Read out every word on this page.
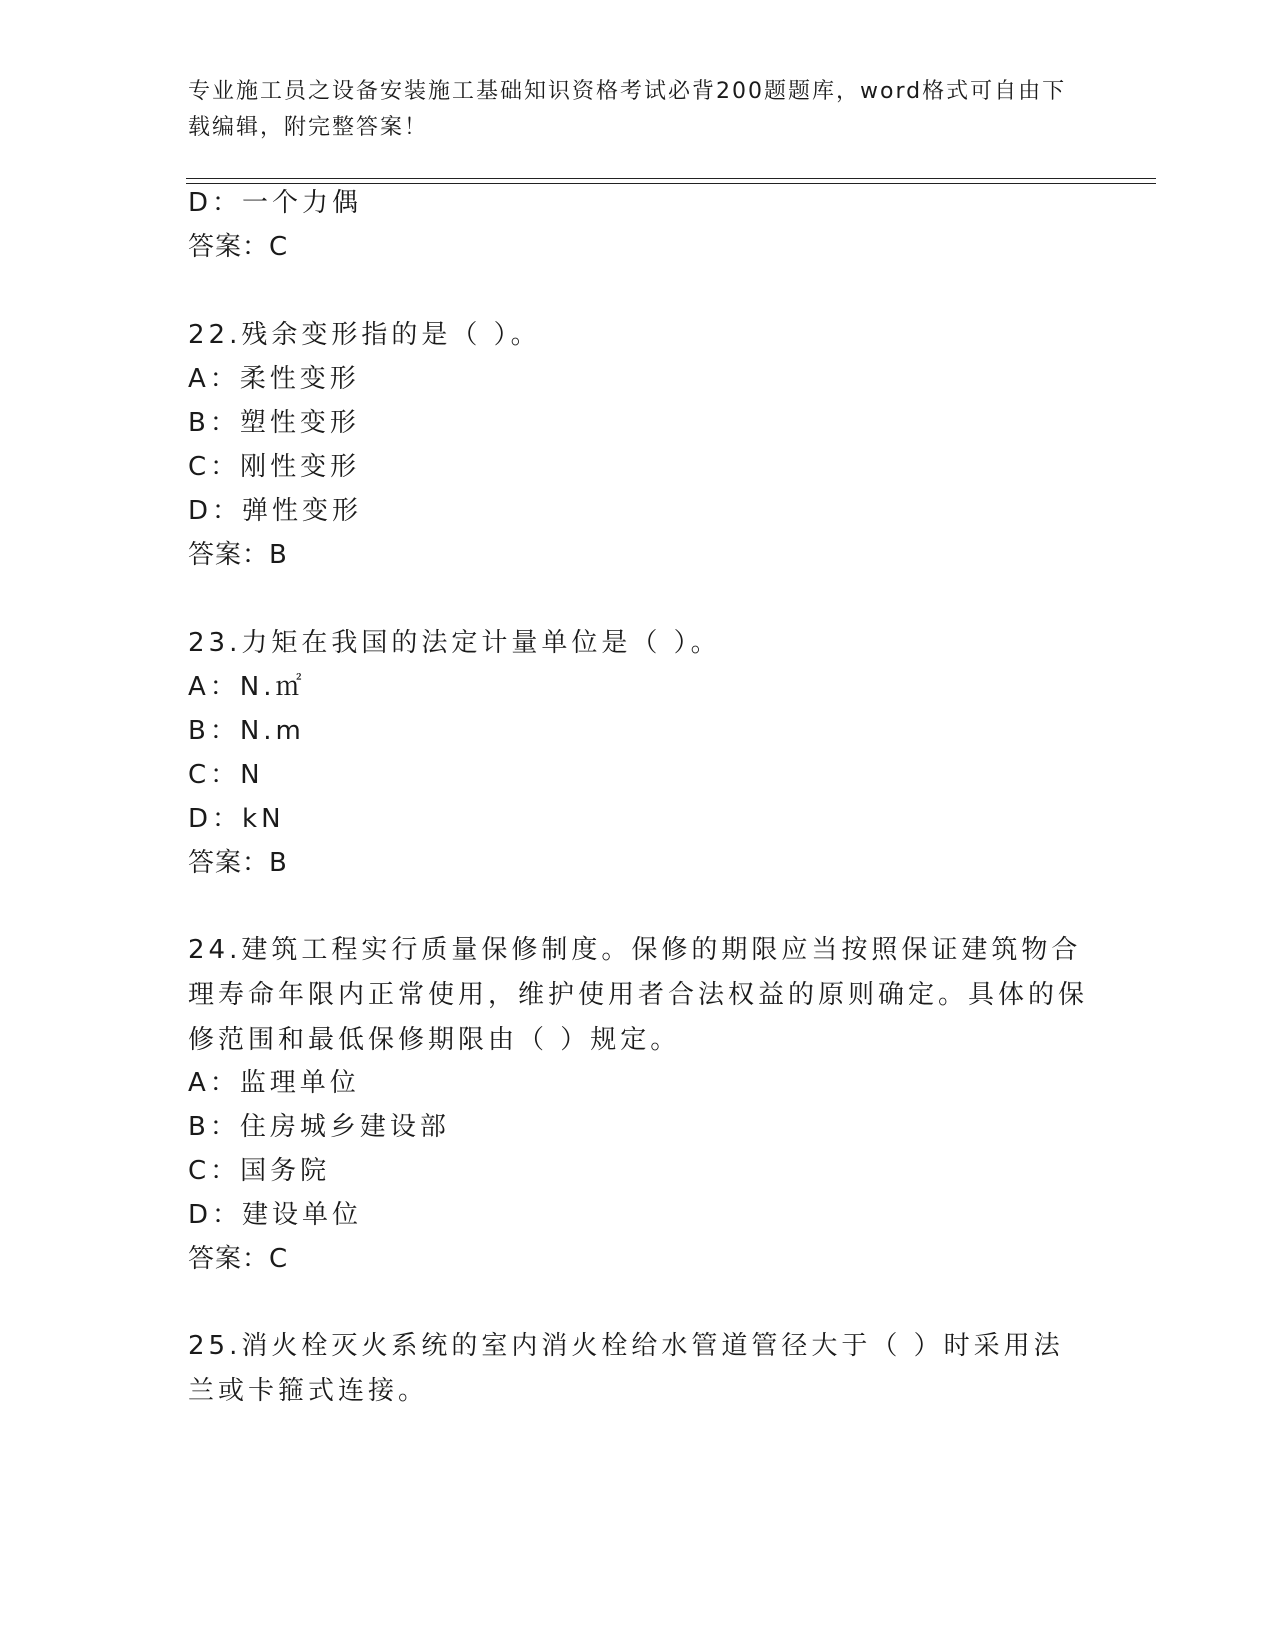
专业施工员之设备安装施工基础知识资格考试必背200题题库，word格式可自由下载编辑，附完整答案！
D：一个力偶
答案：C
22.残余变形指的是（ ）。
A：柔性变形
B：塑性变形
C：刚性变形
D：弹性变形
答案：B
23.力矩在我国的法定计量单位是（ ）。
A：N.㎡
B：N.m
C：N
D：kN
答案：B
24.建筑工程实行质量保修制度。保修的期限应当按照保证建筑物合理寿命年限内正常使用，维护使用者合法权益的原则确定。具体的保修范围和最低保修期限由（ ）规定。
A：监理单位
B：住房城乡建设部
C：国务院
D：建设单位
答案：C
25.消火栓灭火系统的室内消火栓给水管道管径大于（ ）时采用法兰或卡箍式连接。
